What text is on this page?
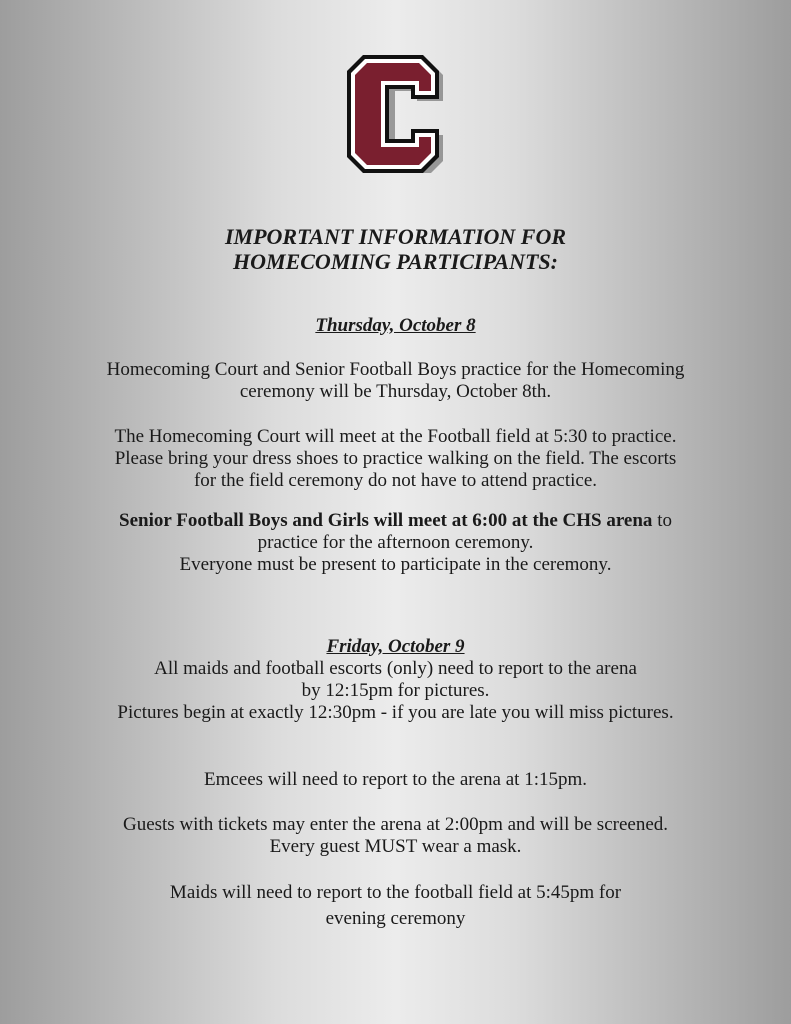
IMPORTANT INFORMATION FOR
HOMECOMING PARTICIPANTS:
Thursday, October 8
Homecoming Court and Senior Football Boys practice for the Homecoming
ceremony will be Thursday, October 8th.
The Homecoming Court will meet at the Football field at 5:30 to practice.
Please bring your dress shoes to practice walking on the field. The escorts
for the field ceremony do not have to attend practice.
Senior Football Boys and Girls will meet at 6:00 at the CHS arena to
practice for the afternoon ceremony.
Everyone must be present to participate in the ceremony.
Friday, October 9
All maids and football escorts (only) need to report to the arena
by 12:15pm for pictures.
Pictures begin at exactly 12:30pm - if you are late you will miss pictures.
Emcees will need to report to the arena at 1:15pm.
Guests with tickets may enter the arena at 2:00pm and will be screened.
Every guest MUST wear a mask.
Maids will need to report to the football field at 5:45pm for
evening ceremony
